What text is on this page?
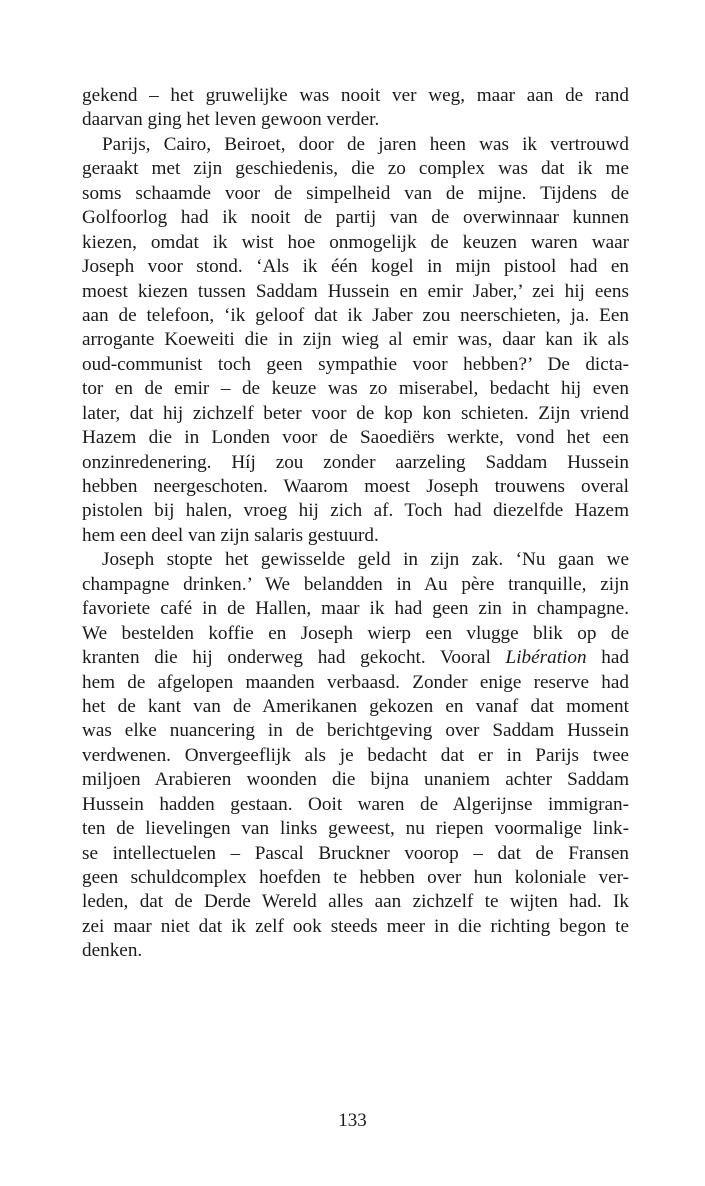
gekend – het gruwelijke was nooit ver weg, maar aan de rand
daarvan ging het leven gewoon verder.
Parijs, Cairo, Beiroet, door de jaren heen was ik vertrouwd
geraakt met zijn geschiedenis, die zo complex was dat ik me
soms schaamde voor de simpelheid van de mijne. Tijdens de
Golfoorlog had ik nooit de partij van de overwinnaar kunnen
kiezen, omdat ik wist hoe onmogelijk de keuzen waren waar
Joseph voor stond. ‘Als ik één kogel in mijn pistool had en
moest kiezen tussen Saddam Hussein en emir Jaber,’ zei hij eens
aan de telefoon, ‘ik geloof dat ik Jaber zou neerschieten, ja. Een
arrogante Koeweiti die in zijn wieg al emir was, daar kan ik als
oud-communist toch geen sympathie voor hebben?’ De dicta-
tor en de emir – de keuze was zo miserabel, bedacht hij even
later, dat hij zichzelf beter voor de kop kon schieten. Zijn vriend
Hazem die in Londen voor de Saoediërs werkte, vond het een
onzinredenering. Híj zou zonder aarzeling Saddam Hussein
hebben neergeschoten. Waarom moest Joseph trouwens overal
pistolen bij halen, vroeg hij zich af. Toch had diezelfde Hazem
hem een deel van zijn salaris gestuurd.
Joseph stopte het gewisselde geld in zijn zak. ‘Nu gaan we
champagne drinken.’ We belandden in Au père tranquille, zijn
favoriete café in de Hallen, maar ik had geen zin in champagne.
We bestelden koffie en Joseph wierp een vlugge blik op de
kranten die hij onderweg had gekocht. Vooral Libération had
hem de afgelopen maanden verbaasd. Zonder enige reserve had
het de kant van de Amerikanen gekozen en vanaf dat moment
was elke nuancering in de berichtgeving over Saddam Hussein
verdwenen. Onvergeeflijk als je bedacht dat er in Parijs twee
miljoen Arabieren woonden die bijna unaniem achter Saddam
Hussein hadden gestaan. Ooit waren de Algerijnse immigran-
ten de lievelingen van links geweest, nu riepen voormalige link-
se intellectuelen – Pascal Bruckner voorop – dat de Fransen
geen schuldcomplex hoefden te hebben over hun koloniale ver-
leden, dat de Derde Wereld alles aan zichzelf te wijten had. Ik
zei maar niet dat ik zelf ook steeds meer in die richting begon te
denken.
133
